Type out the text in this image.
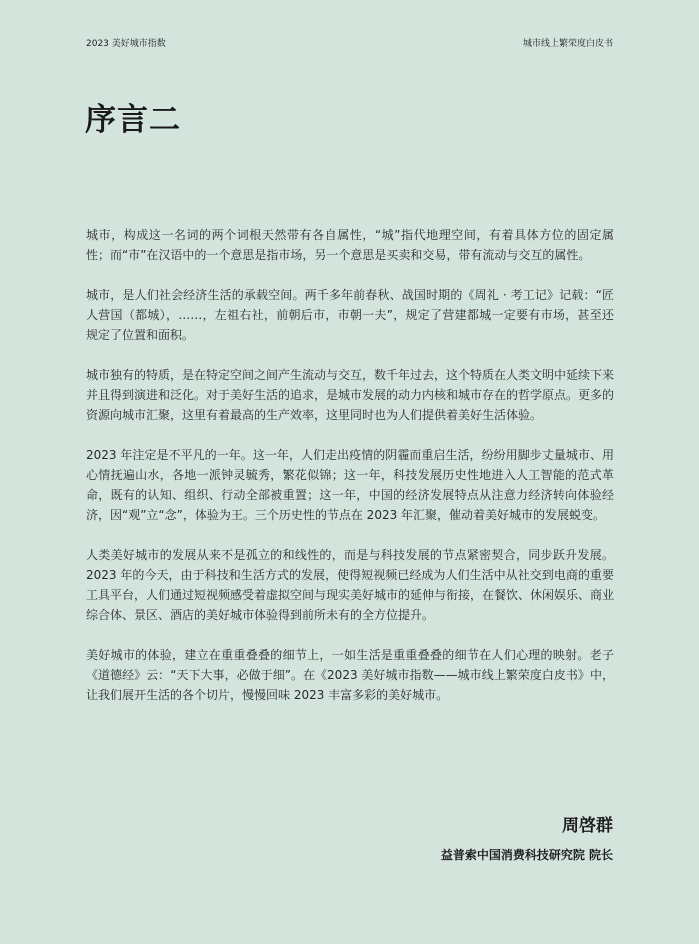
2023 美好城市指数	城市线上繁荣度白皮书
序言二

城市，构成这一名词的两个词根天然带有各自属性，“城”指代地理空间，有着具体方位的固定属性；而“市”在汉语中的一个意思是指市场，另一个意思是买卖和交易，带有流动与交互的属性。

城市，是人们社会经济生活的承载空间。两千多年前春秋、战国时期的《周礼 · 考工记》记载：“匠人营国（都城），……，左祖右社，前朝后市，市朝一夫”，规定了营建都城一定要有市场，甚至还规定了位置和面积。

城市独有的特质，是在特定空间之间产生流动与交互，数千年过去，这个特质在人类文明中延续下来并且得到演进和泛化。对于美好生活的追求，是城市发展的动力内核和城市存在的哲学原点。更多的资源向城市汇聚，这里有着最高的生产效率，这里同时也为人们提供着美好生活体验。

2023 年注定是不平凡的一年。这一年，人们走出疫情的阴霾而重启生活，纷纷用脚步丈量城市、用心情抚遍山水，各地一派钟灵毓秀，繁花似锦；这一年，科技发展历史性地进入人工智能的范式革命，既有的认知、组织、行动全部被重置；这一年，中国的经济发展特点从注意力经济转向体验经济，因“观”立“念”，体验为王。三个历史性的节点在 2023 年汇聚，催动着美好城市的发展蜕变。

人类美好城市的发展从来不是孤立的和线性的，而是与科技发展的节点紧密契合，同步跃升发展。2023 年的今天，由于科技和生活方式的发展，使得短视频已经成为人们生活中从社交到电商的重要工具平台，人们通过短视频感受着虚拟空间与现实美好城市的延伸与衔接，在餐饮、休闲娱乐、商业综合体、景区、酒店的美好城市体验得到前所未有的全方位提升。

美好城市的体验，建立在重重叠叠的细节上，一如生活是重重叠叠的细节在人们心理的映射。老子《道德经》云：“天下大事，必做于细”。在《2023 美好城市指数——城市线上繁荣度白皮书》中，让我们展开生活的各个切片，慢慢回味 2023 丰富多彩的美好城市。

周啓群
益普索中国消费科技研究院 院长
